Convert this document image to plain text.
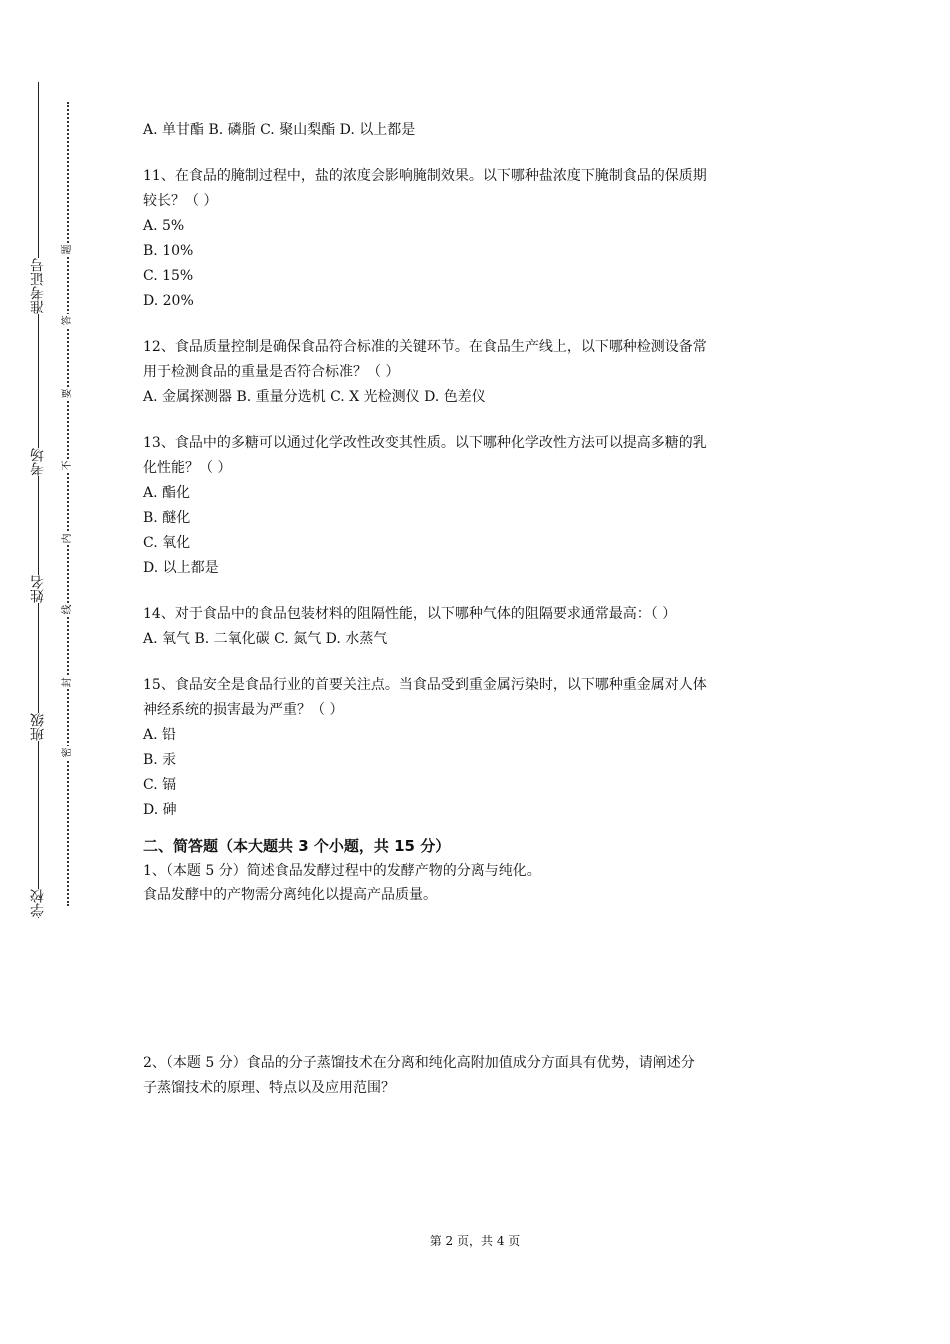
准考证号
考场
姓名
班级
学校
题
答
要
不
内
线
封
密
A. 单甘酯 B. 磷脂 C. 聚山梨酯 D. 以上都是
11、在食品的腌制过程中，盐的浓度会影响腌制效果。以下哪种盐浓度下腌制食品的保质期
较长？（ ）
A. 5%
B. 10%
C. 15%
D. 20%
12、食品质量控制是确保食品符合标准的关键环节。在食品生产线上，以下哪种检测设备常
用于检测食品的重量是否符合标准？（ ）
A. 金属探测器 B. 重量分选机 C. X 光检测仪 D. 色差仪
13、食品中的多糖可以通过化学改性改变其性质。以下哪种化学改性方法可以提高多糖的乳
化性能？（ ）
A. 酯化
B. 醚化
C. 氧化
D. 以上都是
14、对于食品中的食品包装材料的阻隔性能，以下哪种气体的阻隔要求通常最高：（ ）
A. 氧气 B. 二氧化碳 C. 氮气 D. 水蒸气
15、食品安全是食品行业的首要关注点。当食品受到重金属污染时，以下哪种重金属对人体
神经系统的损害最为严重？（ ）
A. 铅
B. 汞
C. 镉
D. 砷
二、简答题（本大题共 3 个小题，共 15 分）
1、（本题 5 分）简述食品发酵过程中的发酵产物的分离与纯化。
食品发酵中的产物需分离纯化以提高产品质量。
2、（本题 5 分）食品的分子蒸馏技术在分离和纯化高附加值成分方面具有优势，请阐述分
子蒸馏技术的原理、特点以及应用范围？
第 2 页，共 4 页
